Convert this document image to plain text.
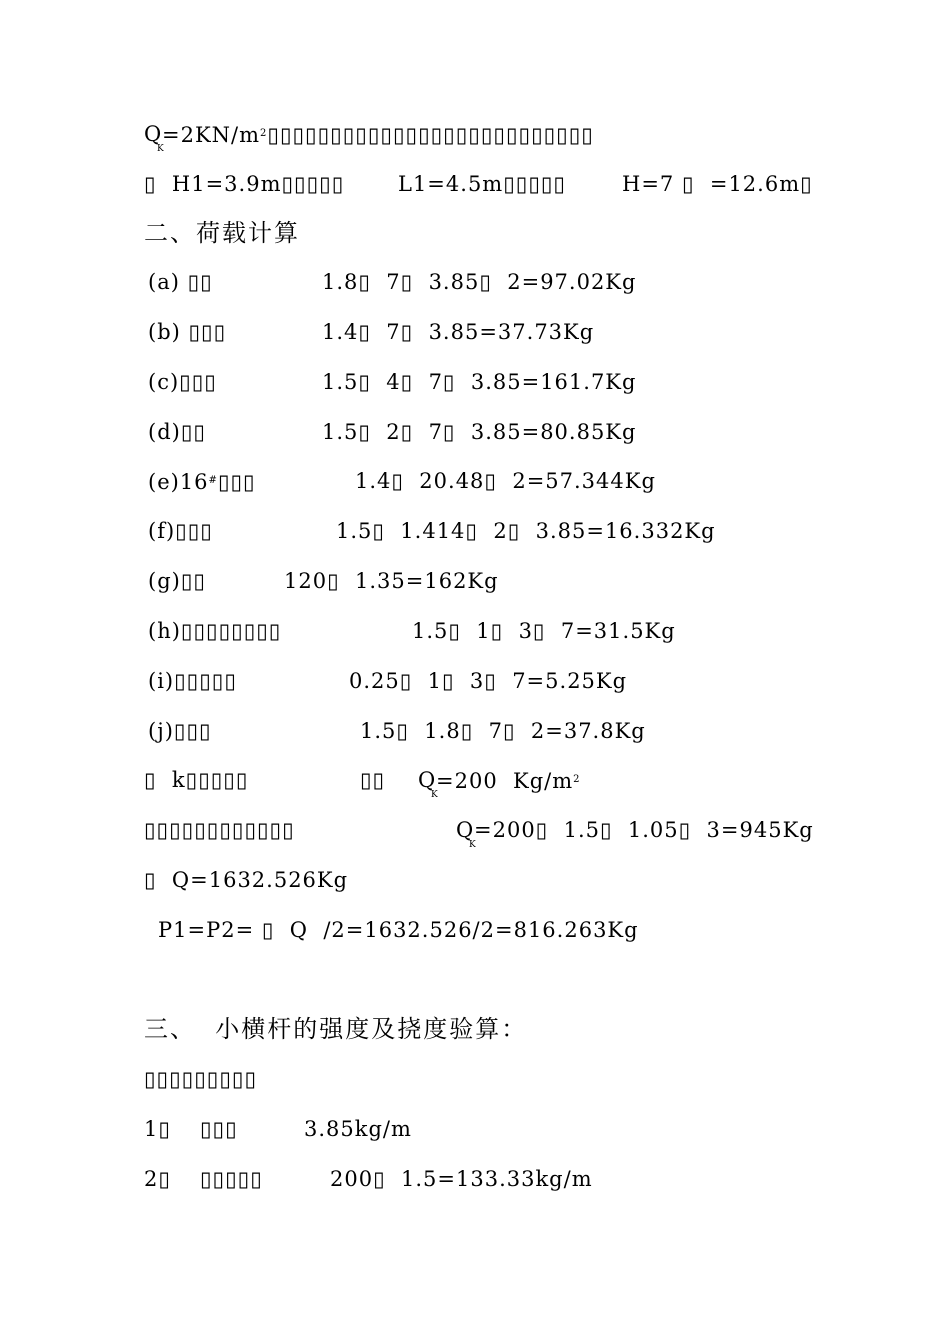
Q

K

$=2KN/m^2▯▯▯▯▯▯▯▯▯▯▯▯▯▯▯▯▯▯▯▯▯▯▯▯▯▯$

▯  H1=3.9m▯▯▯▯▯

	L1=4.5m▯▯▯▯▯

	H=7 ▯  =12.6m▯

二、荷载计算

(a) ▯▯

	1.8▯  7▯  3.85▯  2=97.02Kg

(b) ▯▯▯

	1.4▯  7▯  3.85=37.73Kg

(c)▯▯▯

	1.5▯  4▯  7▯  3.85=161.7Kg

(d)▯▯

	1.5▯  2▯  7▯  3.85=80.85Kg

(e)16#▯▯▯

	1.4▯  20.48▯  2=57.344Kg

(f)▯▯▯

	1.5▯  1.414▯  2▯  3.85=16.332Kg

(g)▯▯

	120▯  1.35=162Kg

(h)▯▯▯▯▯▯▯▯

	1.5▯  1▯  3▯  7=31.5Kg

(i)▯▯▯▯▯

	0.25▯  1▯  3▯  7=5.25Kg

(j)▯▯▯

	1.5▯  1.8▯  7▯  2=37.8Kg

▯  k▯▯▯▯▯

	▯▯

Q

K

=200  $Kg/m^2$

▯▯▯▯▯▯▯▯▯▯▯▯

	Q

K

=200▯  1.5▯  1.05▯  3=945Kg

▯  Q=1632.526Kg
P1=P2= ▯  Q  /2=1632.526/2=816.263Kg
三、  小横杆的强度及挠度验算：
▯▯▯▯▯▯▯▯▯

1▯

▯▯▯

	3.85kg/m

2▯

▯▯▯▯▯

	200▯  1.5=133.33kg/m
